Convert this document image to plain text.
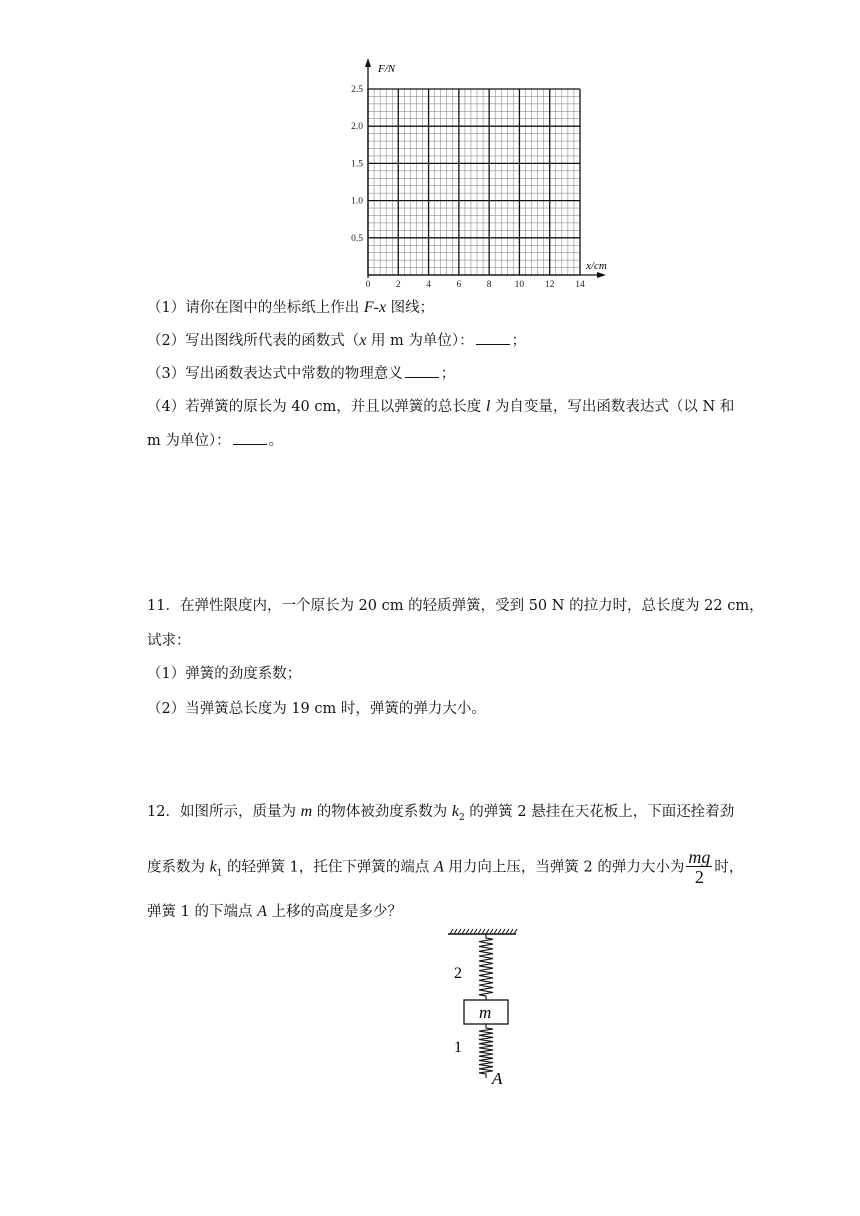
F/N
x/cm
0.5
1.0
1.5
2.0
2.5
0	2	4	6	8 10 12 14
（1）请你在图中的坐标纸上作出 F-x 图线；
（2）写出图线所代表的函数式（x 用 m 为单位）：	；
（3）写出函数表达式中常数的物理意义	；
（4）若弹簧的原长为 40 cm，并且以弹簧的总长度 l 为自变量，写出函数表达式（以 N 和
m 为单位）：	。
11．在弹性限度内，一个原长为 20 cm 的轻质弹簧，受到 50 N 的拉力时，总长度为 22 cm，
试求：
（1）弹簧的劲度系数；
（2）当弹簧总长度为 19 cm 时，弹簧的弹力大小。
12．如图所示，质量为 m 的物体被劲度系数为 $k_2$ 的弹簧 2 悬挂在天花板上，下面还拴着劲
度系数为 $k_1$ 的轻弹簧 1，托住下弹簧的端点 A 用力向上压，当弹簧 2 的弹力大小为 $\frac{mg}{2}$ 时，
弹簧 1 的下端点 A 上移的高度是多少？
2
m
1
A
